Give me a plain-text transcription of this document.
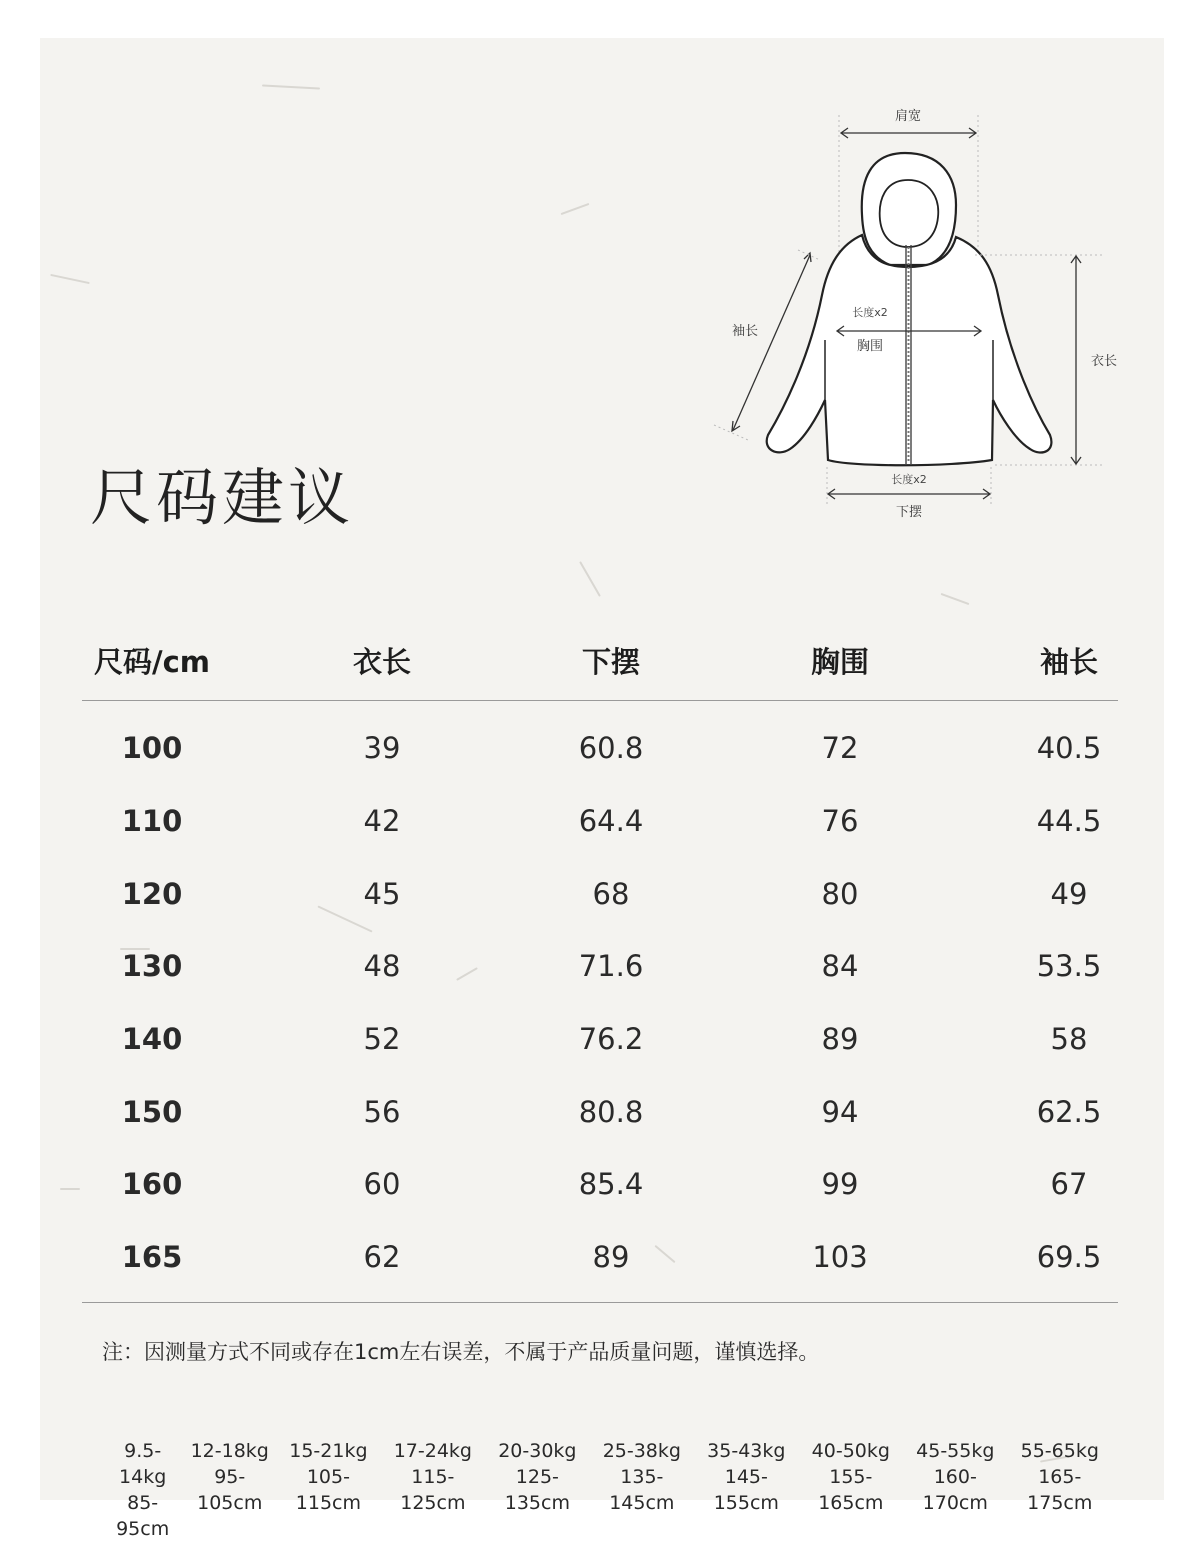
尺码建议
肩宽
袖长
长度x2
胸围
衣长
长度x2
下摆
尺码/cm	衣长	下摆	胸围	袖长
100	39	60.8	72	40.5
110	42	64.4	76	44.5
120	45	68	80	49
130	48	71.6	84	53.5
140	52	76.2	89	58
150	56	80.8	94	62.5
160	60	85.4	99	67
165	62	89	103	69.5
注：因测量方式不同或存在1cm左右误差，不属于产品质量问题，谨慎选择。
9.5-14kg
85-95cm
12-18kg
95-105cm
15-21kg
105-115cm
17-24kg
115-125cm
20-30kg
125-135cm
25-38kg
135-145cm
35-43kg
145-155cm
40-50kg
155-165cm
45-55kg
160-170cm
55-65kg
165-175cm
